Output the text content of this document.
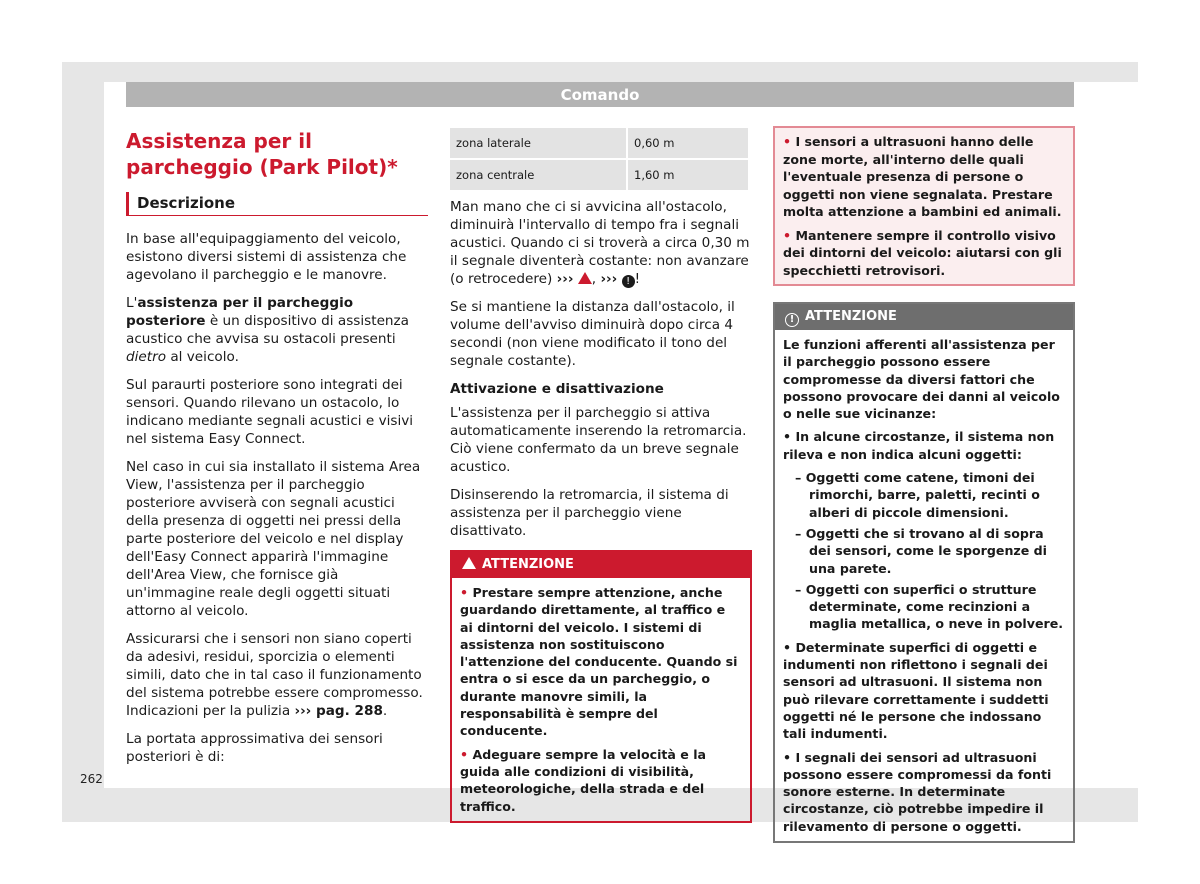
Comando
Assistenza per il parcheggio (Park Pilot)*
Descrizione

In base all'equipaggiamento del veicolo, esistono diversi sistemi di assistenza che agevolano il parcheggio e le manovre.

L'assistenza per il parcheggio posteriore è un dispositivo di assistenza acustico che avvisa su ostacoli presenti dietro al veicolo.

Sul paraurti posteriore sono integrati dei sensori. Quando rilevano un ostacolo, lo indicano mediante segnali acustici e visivi nel sistema Easy Connect.

Nel caso in cui sia installato il sistema Area View, l'assistenza per il parcheggio posteriore avviserà con segnali acustici della presenza di oggetti nei pressi della parte posteriore del veicolo e nel display dell'Easy Connect apparirà l'immagine dell'Area View, che fornisce già un'immagine reale degli oggetti situati attorno al veicolo.

Assicurarsi che i sensori non siano coperti da adesivi, residui, sporcizia o elementi simili, dato che in tal caso il funzionamento del sistema potrebbe essere compromesso. Indicazioni per la pulizia ››› pag. 288.

La portata approssimativa dei sensori posteriori è di:

zona laterale	0,60 m
zona centrale	1,60 m

Man mano che ci si avvicina all'ostacolo, diminuirà l'intervallo di tempo fra i segnali acustici. Quando ci si troverà a circa 0,30 m il segnale diventerà costante: non avanzare (o retrocedere) ››› , ››› ! !

Se si mantiene la distanza dall'ostacolo, il volume dell'avviso diminuirà dopo circa 4 secondi (non viene modificato il tono del segnale costante).

Attivazione e disattivazione

L'assistenza per il parcheggio si attiva automaticamente inserendo la retromarcia. Ciò viene confermato da un breve segnale acustico.

Disinserendo la retromarcia, il sistema di assistenza per il parcheggio viene disattivato.

ATTENZIONE
• Prestare sempre attenzione, anche guardando direttamente, al traffico e ai dintorni del veicolo. I sistemi di assistenza non sostituiscono l'attenzione del conducente. Quando si entra o si esce da un parcheggio, o durante manovre simili, la responsabilità è sempre del conducente.
• Adeguare sempre la velocità e la guida alle condizioni di visibilità, meteorologiche, della strada e del traffico.
• I sensori a ultrasuoni hanno delle zone morte, all'interno delle quali l'eventuale presenza di persone o oggetti non viene segnalata. Prestare molta attenzione a bambini ed animali.
• Mantenere sempre il controllo visivo dei dintorni del veicolo: aiutarsi con gli specchietti retrovisori.
! ATTENZIONE
Le funzioni afferenti all'assistenza per il parcheggio possono essere compromesse da diversi fattori che possono provocare dei danni al veicolo o nelle sue vicinanze:
• In alcune circostanze, il sistema non rileva e non indica alcuni oggetti:
– Oggetti come catene, timoni dei rimorchi, barre, paletti, recinti o alberi di piccole dimensioni.
– Oggetti che si trovano al di sopra dei sensori, come le sporgenze di una parete.
– Oggetti con superfici o strutture determinate, come recinzioni a maglia metallica, o neve in polvere.
• Determinate superfici di oggetti e indumenti non riflettono i segnali dei sensori ad ultrasuoni. Il sistema non può rilevare correttamente i suddetti oggetti né le persone che indossano tali indumenti.
• I segnali dei sensori ad ultrasuoni possono essere compromessi da fonti sonore esterne. In determinate circostanze, ciò potrebbe impedire il rilevamento di persone o oggetti.
262
